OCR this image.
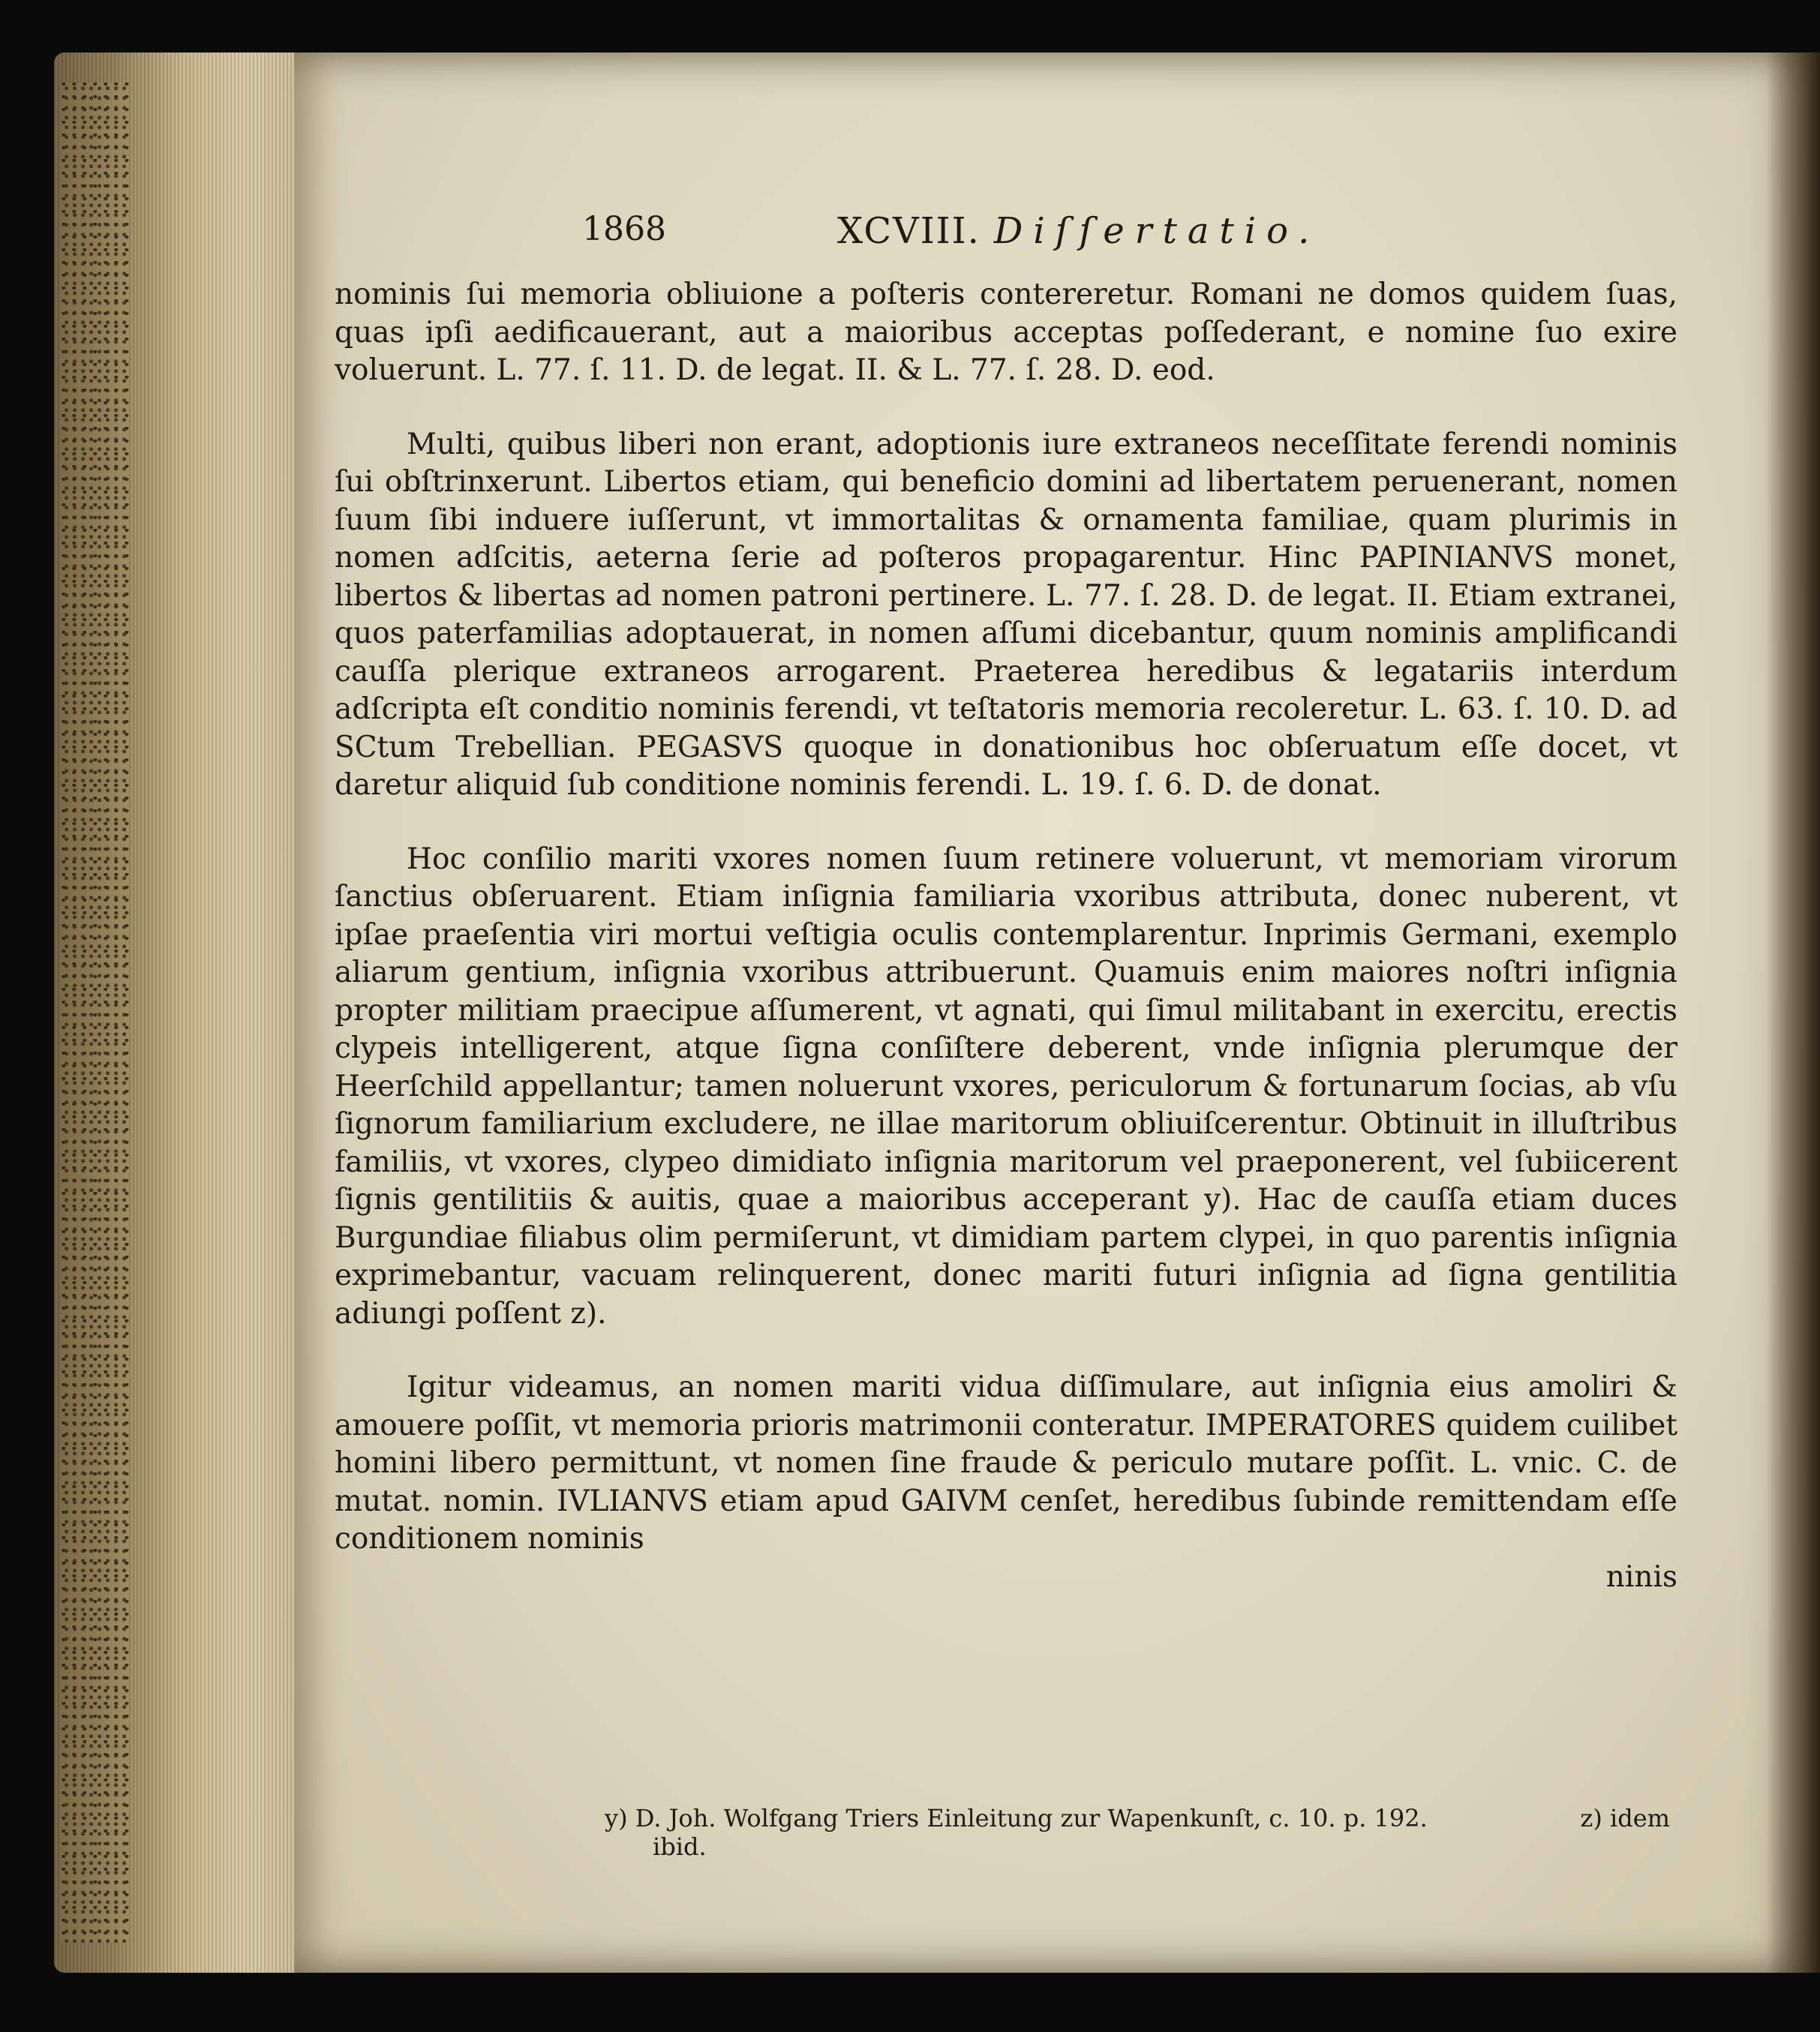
1868	XCVIII. Diſſertatio.

nominis ſui memoria obliuione a poſteris contereretur. Romani ne domos quidem ſuas, quas ipſi aedificauerant, aut a maioribus acceptas poſſederant, e nomine ſuo exire voluerunt. L. 77. ſ. 11. D. de legat. II. & L. 77. ſ. 28. D. eod.

Multi, quibus liberi non erant, adoptionis iure extraneos neceſſitate ferendi nominis ſui obſtrinxerunt. Libertos etiam, qui beneficio domini ad libertatem peruenerant, nomen ſuum ſibi induere iuſſerunt, vt immortalitas & ornamenta familiae, quam plurimis in nomen adſcitis, aeterna ſerie ad poſteros propagarentur. Hinc PAPINIANVS monet, libertos & libertas ad nomen patroni pertinere. L. 77. ſ. 28. D. de legat. II. Etiam extranei, quos paterfamilias adoptauerat, in nomen aſſumi dicebantur, quum nominis amplificandi cauſſa plerique extraneos arrogarent. Praeterea heredibus & legatariis interdum adſcripta eſt conditio nominis ferendi, vt teſtatoris memoria recoleretur. L. 63. ſ. 10. D. ad SCtum Trebellian. PEGASVS quoque in donationibus hoc obſeruatum eſſe docet, vt daretur aliquid ſub conditione nominis ferendi. L. 19. ſ. 6. D. de donat.

Hoc conſilio mariti vxores nomen ſuum retinere voluerunt, vt memoriam virorum ſanctius obſeruarent. Etiam inſignia familiaria vxoribus attributa, donec nuberent, vt ipſae praeſentia viri mortui veſtigia oculis contemplarentur. Inprimis Germani, exemplo aliarum gentium, inſignia vxoribus attribuerunt. Quamuis enim maiores noſtri inſignia propter militiam praecipue aſſumerent, vt agnati, qui ſimul militabant in exercitu, erectis clypeis intelligerent, atque ſigna conſiſtere deberent, vnde inſignia plerumque der Heerſchild appellantur; tamen noluerunt vxores, periculorum & fortunarum ſocias, ab vſu ſignorum familiarium excludere, ne illae maritorum obliuiſcerentur. Obtinuit in illuſtribus familiis, vt vxores, clypeo dimidiato inſignia maritorum vel praeponerent, vel ſubiicerent ſignis gentilitiis & auitis, quae a maioribus acceperant y). Hac de cauſſa etiam duces Burgundiae filiabus olim permiſerunt, vt dimidiam partem clypei, in quo parentis inſignia exprimebantur, vacuam relinquerent, donec mariti futuri inſignia ad ſigna gentilitia adiungi poſſent z).

Igitur videamus, an nomen mariti vidua diſſimulare, aut inſignia eius amoliri & amouere poſſit, vt memoria prioris matrimonii conteratur. IMPERATORES quidem cuilibet homini libero permittunt, vt nomen ſine fraude & periculo mutare poſſit. L. vnic. C. de mutat. nomin. IVLIANVS etiam apud GAIVM cenſet, heredibus ſubinde remittendam eſſe conditionem nominis

ninis

y) D. Joh. Wolfgang Triers Einleitung zur Wapenkunſt, c. 10. p. 192.	z) idem
ibid.
